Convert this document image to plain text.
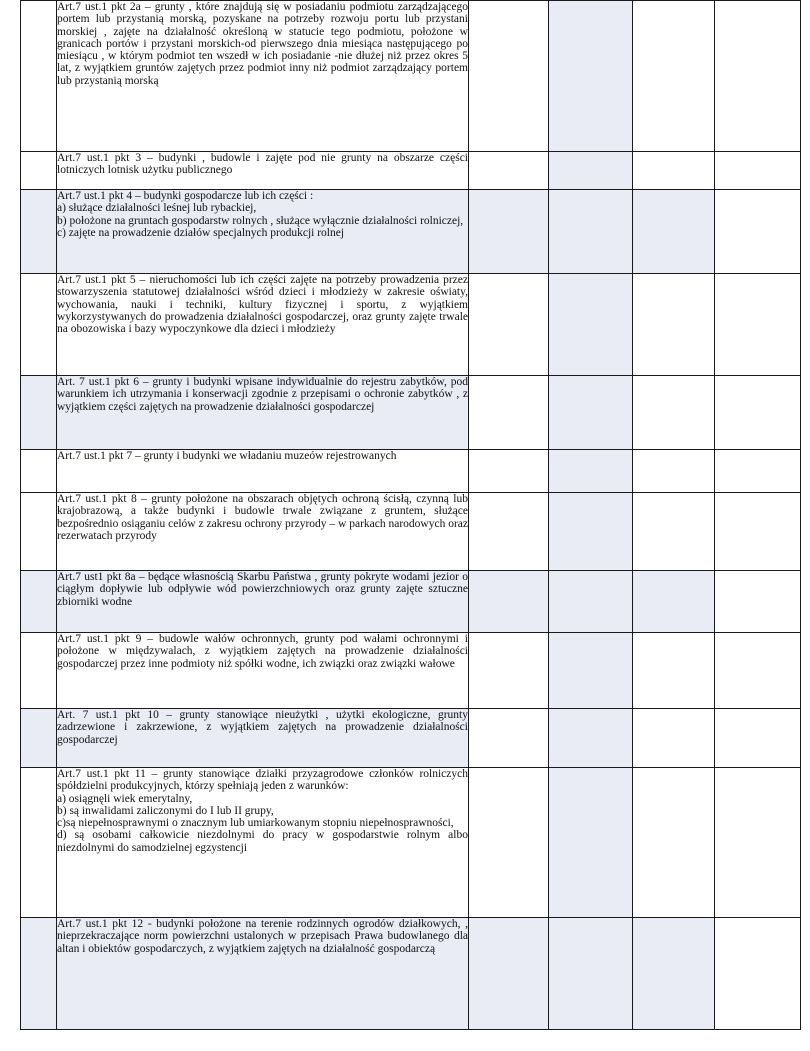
	Art.7 ust.1 pkt 2a – grunty , które znajdują się w posiadaniu podmiotu zarządzającego portem lub przystanią morską, pozyskane na potrzeby rozwoju portu lub przystani morskiej , zajęte na działalność określoną w statucie tego podmiotu, położone w granicach portów i przystani morskich-od pierwszego dnia miesiąca następującego po miesiącu , w którym podmiot ten wszedł w ich posiadanie -nie dłużej niż przez okres 5 lat, z wyjątkiem gruntów zajętych przez podmiot inny niż podmiot zarządzający portem lub przystanią morską				

	Art.7 ust.1 pkt 3 – budynki , budowle i zajęte pod nie grunty na obszarze części lotniczych lotnisk użytku publicznego				

	Art.7 ust.1 pkt 4 – budynki gospodarcze lub ich części :
a) służące działalności leśnej lub rybackiej,
b) położone na gruntach gospodarstw rolnych , służące wyłącznie działalności rolniczej,
c) zajęte na prowadzenie działów specjalnych produkcji rolnej				

	Art.7 ust.1 pkt 5 – nieruchomości lub ich części zajęte na potrzeby prowadzenia przez stowarzyszenia statutowej działalności wśród dzieci i młodzieży w zakresie oświaty, wychowania, nauki i techniki, kultury fizycznej i sportu, z wyjątkiem wykorzystywanych do prowadzenia działalności gospodarczej, oraz grunty zajęte trwale na obozowiska i bazy wypoczynkowe dla dzieci i młodzieży				

	Art. 7 ust.1 pkt 6 – grunty i budynki wpisane indywidualnie do rejestru zabytków, pod warunkiem ich utrzymania i konserwacji zgodnie z przepisami o ochronie zabytków , z wyjątkiem części zajętych na prowadzenie działalności gospodarczej				

	Art.7 ust.1 pkt 7 – grunty i budynki we władaniu muzeów rejestrowanych				

	Art.7 ust.1 pkt 8 – grunty położone na obszarach objętych ochroną ścisłą, czynną lub krajobrazową, a także budynki i budowle trwale związane z gruntem, służące bezpośrednio osiąganiu celów z zakresu ochrony przyrody – w parkach narodowych oraz rezerwatach przyrody				

	Art.7 ust1 pkt 8a – będące własnością Skarbu Państwa , grunty pokryte wodami jezior o ciągłym dopływie lub odpływie wód powierzchniowych oraz grunty zajęte sztuczne zbiorniki wodne				

	Art.7 ust.1 pkt 9 – budowle wałów ochronnych, grunty pod wałami ochronnymi i położone w międzywalach, z wyjątkiem zajętych na prowadzenie działalności gospodarczej przez inne podmioty niż spółki wodne, ich związki oraz związki wałowe				

	Art. 7 ust.1 pkt 10 – grunty stanowiące nieużytki , użytki ekologiczne, grunty zadrzewione i zakrzewione, z wyjątkiem zajętych na prowadzenie działalności gospodarczej				

	Art.7 ust.1 pkt 11 – grunty stanowiące działki przyzagrodowe członków rolniczych spółdzielni produkcyjnych, którzy spełniają jeden z warunków:
a) osiągnęli wiek emerytalny,
b) są inwalidami zaliczonymi do I lub II grupy,
c)są niepełnosprawnymi o znacznym lub umiarkowanym stopniu niepełnosprawności,
d) są osobami całkowicie niezdolnymi do pracy w gospodarstwie rolnym albo niezdolnymi do samodzielnej egzystencji				

	Art.7 ust.1 pkt 12 - budynki położone na terenie rodzinnych ogrodów działkowych, , nieprzekraczające norm powierzchni ustalonych w przepisach Prawa budowlanego dla altan i obiektów gospodarczych, z wyjątkiem zajętych na działalność gospodarczą				
